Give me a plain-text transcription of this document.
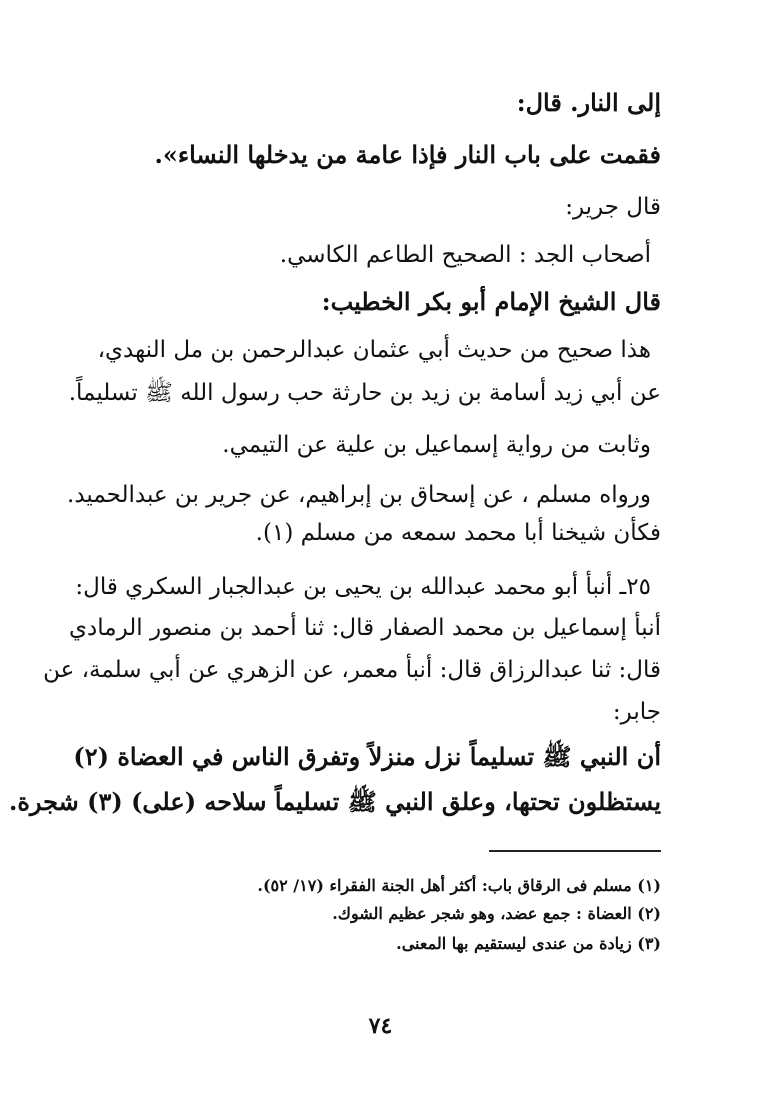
إلى النار. قال:
فقمت على باب النار فإذا عامة من يدخلها النساء».
قال جرير:
أصحاب الجد : الصحيح الطاعم الكاسي.
قال الشيخ الإمام أبو بكر الخطيب:
هذا صحيح من حديث أبي عثمان عبدالرحمن بن مل النهدي،
عن أبي زيد أسامة بن زيد بن حارثة حب رسول الله ﷺ تسليماً.
وثابت من رواية إسماعيل بن علية عن التيمي.
ورواه مسلم ، عن إسحاق بن إبراهيم، عن جرير بن عبدالحميد.
فكأن شيخنا أبا محمد سمعه من مسلم (١).
٢٥ـ أنبأ أبو محمد عبدالله بن يحيى بن عبدالجبار السكري قال:
أنبأ إسماعيل بن محمد الصفار قال: ثنا أحمد بن منصور الرمادي
قال: ثنا عبدالرزاق قال: أنبأ معمر، عن الزهري عن أبي سلمة، عن
جابر:
أن النبي ﷺ تسليماً نزل منزلاً وتفرق الناس في العضاة (٢)
يستظلون تحتها، وعلق النبي ﷺ تسليماً سلاحه (على) (٣) شجرة.
(١) مسلم فى الرقاق باب: أكثر أهل الجنة الفقراء (١٧/ ٥٢).
(٢) العضاة : جمع عضد، وهو شجر عظيم الشوك.
(٣) زيادة من عندى ليستقيم بها المعنى.
٧٤
